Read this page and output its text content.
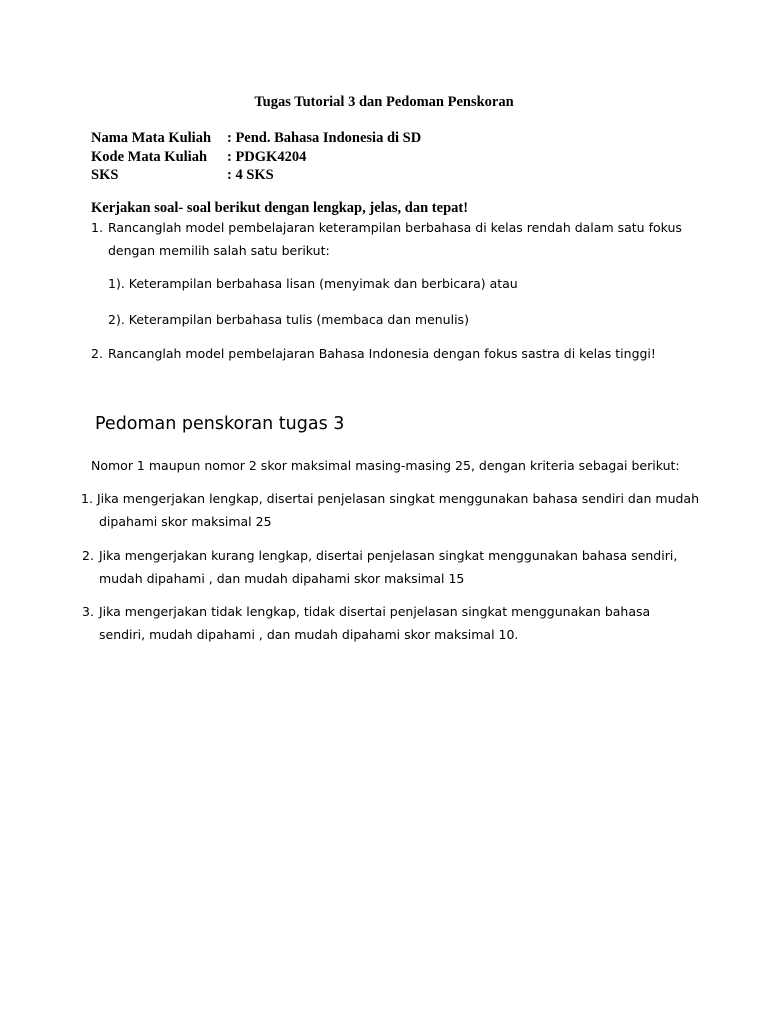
Tugas Tutorial 3 dan Pedoman Penskoran
Nama Mata Kuliah	: Pend. Bahasa Indonesia di SD
Kode Mata Kuliah	: PDGK4204
SKS	: 4 SKS
Kerjakan soal- soal berikut dengan lengkap, jelas, dan tepat!
1. Rancanglah model pembelajaran keterampilan berbahasa di kelas rendah dalam satu fokus
dengan memilih salah satu berikut:
1). Keterampilan berbahasa lisan (menyimak dan berbicara) atau
2). Keterampilan berbahasa tulis (membaca dan menulis)
2. Rancanglah model pembelajaran Bahasa Indonesia dengan fokus sastra di kelas tinggi!
Pedoman penskoran tugas 3
Nomor 1 maupun nomor 2 skor maksimal masing-masing 25, dengan kriteria sebagai berikut:
1. Jika mengerjakan lengkap, disertai penjelasan singkat menggunakan bahasa sendiri dan mudah
dipahami skor maksimal 25
2. Jika mengerjakan kurang lengkap, disertai penjelasan singkat menggunakan bahasa sendiri,
mudah dipahami , dan mudah dipahami skor maksimal 15
3. Jika mengerjakan tidak lengkap, tidak disertai penjelasan singkat menggunakan bahasa
sendiri, mudah dipahami , dan mudah dipahami skor maksimal 10.
